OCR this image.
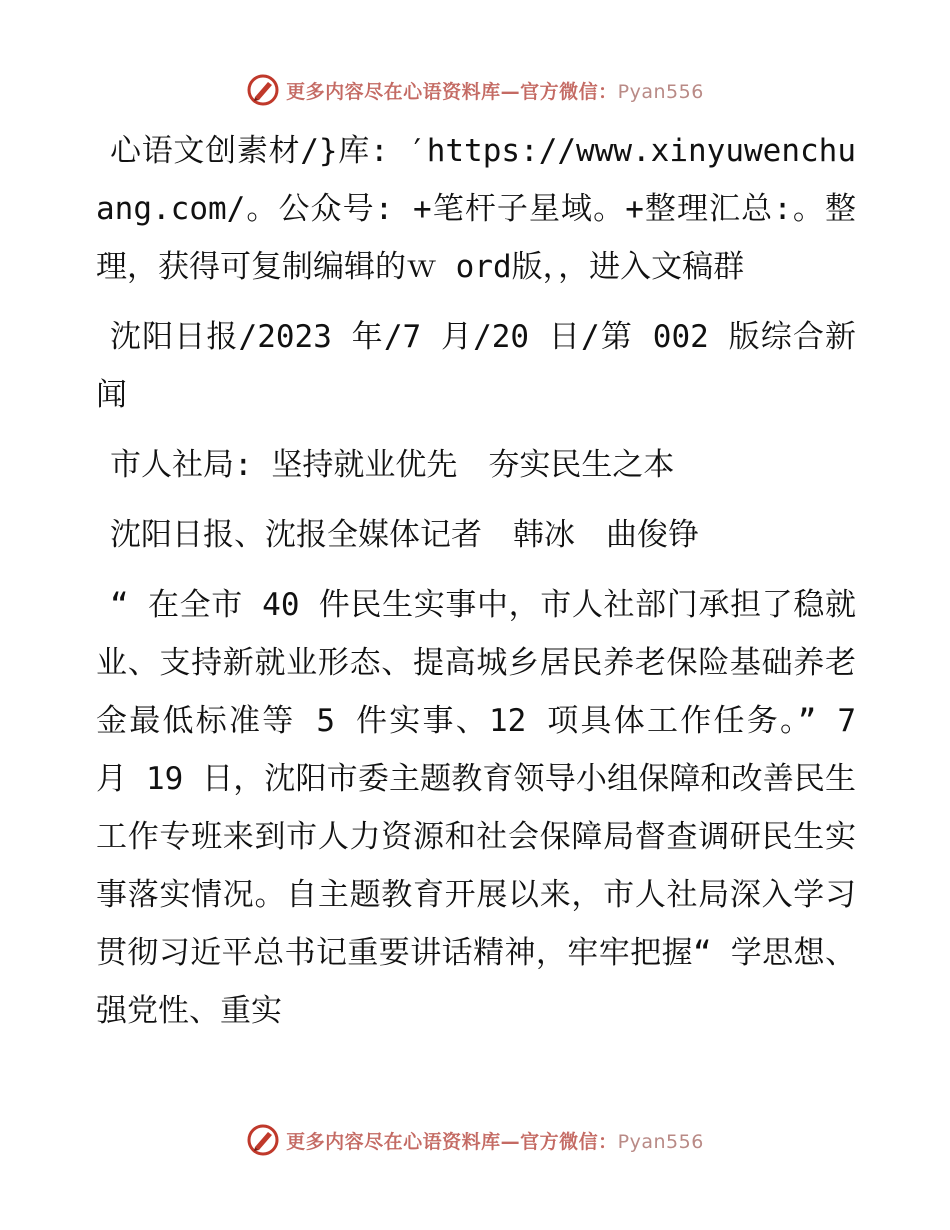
更多内容尽在心语资料库—官方微信：Pyan556

心语文创素材/}库: ′https://www.xinyuwenchuang.com/。公众号: +笔杆子星域。+整理汇总:。整理，获得可复制编辑的ｗ ord版，，进入文稿群

沈阳日报/2023 年/7 月/20 日/第 002 版综合新闻

市人社局: 坚持就业优先　夯实民生之本

沈阳日报、沈报全媒体记者　韩冰　曲俊铮

“ 在全市 40 件民生实事中，市人社部门承担了稳就业、支持新就业形态、提高城乡居民养老保险基础养老金最低标准等 5 件实事、12 项具体工作任务。” 7 月 19 日，沈阳市委主题教育领导小组保障和改善民生工作专班来到市人力资源和社会保障局督查调研民生实事落实情况。自主题教育开展以来，市人社局深入学习贯彻习近平总书记重要讲话精神，牢牢把握“ 学思想、强党性、重实

更多内容尽在心语资料库—官方微信：Pyan556
